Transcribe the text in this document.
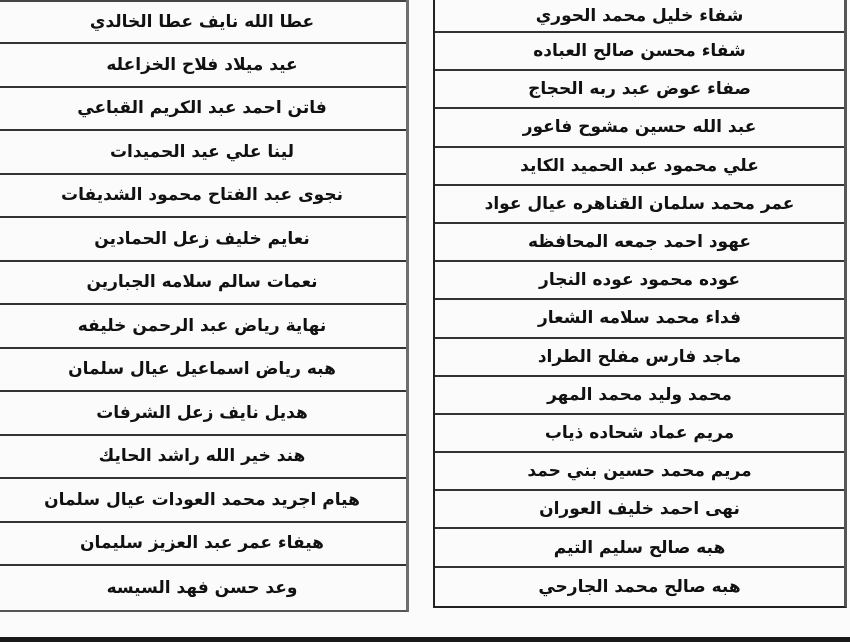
عطا الله نايف عطا الخالدي
عيد ميلاد فلاح الخزاعله
فاتن احمد عبد الكريم القباعي
لينا علي عيد الحميدات
نجوى عبد الفتاح محمود الشديفات
نعايم خليف زعل الحمادين
نعمات سالم سلامه الجبارين
نهاية رياض عبد الرحمن خليفه
هبه رياض اسماعيل عيال سلمان
هديل نايف زعل الشرفات
هند خير الله راشد الحايك
هيام اجريد محمد العودات عيال سلمان
هيفاء عمر عبد العزيز سليمان
وعد حسن فهد السيسه
شفاء خليل محمد الحوري
شفاء محسن صالح العباده
صفاء عوض عبد ربه الحجاج
عبد الله حسين مشوح فاعور
علي محمود عبد الحميد الكايد
عمر محمد سلمان القناهره عيال عواد
عهود احمد جمعه المحافظه
عوده محمود عوده النجار
فداء محمد سلامه الشعار
ماجد فارس مفلح الطراد
محمد وليد محمد المهر
مريم عماد شحاده ذياب
مريم محمد حسين بني حمد
نهى احمد خليف العوران
هبه صالح سليم التيم
هبه صالح محمد الجارحي
